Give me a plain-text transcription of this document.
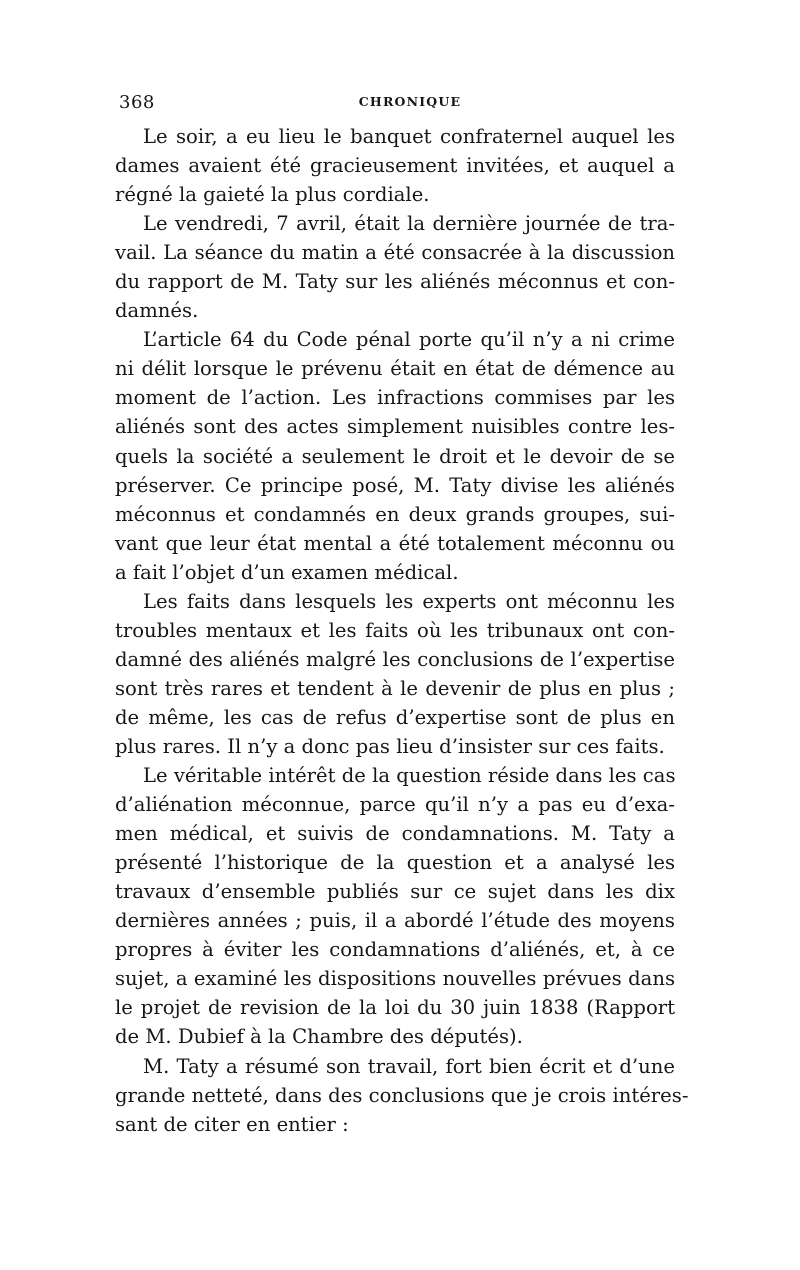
368	CHRONIQUE

Le soir, a eu lieu le banquet confraternel auquel les
dames avaient été gracieusement invitées, et auquel a
régné la gaieté la plus cordiale.

Le vendredi, 7 avril, était la dernière journée de tra-
vail. La séance du matin a été consacrée à la discussion
du rapport de M. Taty sur les aliénés méconnus et con-
damnés.

L’article 64 du Code pénal porte qu’il n’y a ni crime
ni délit lorsque le prévenu était en état de démence au
moment de l’action. Les infractions commises par les
aliénés sont des actes simplement nuisibles contre les-
quels la société a seulement le droit et le devoir de se
préserver. Ce principe posé, M. Taty divise les aliénés
méconnus et condamnés en deux grands groupes, sui-
vant que leur état mental a été totalement méconnu ou
a fait l’objet d’un examen médical.

Les faits dans lesquels les experts ont méconnu les
troubles mentaux et les faits où les tribunaux ont con-
damné des aliénés malgré les conclusions de l’expertise
sont très rares et tendent à le devenir de plus en plus ;
de même, les cas de refus d’expertise sont de plus en
plus rares. Il n’y a donc pas lieu d’insister sur ces faits.

Le véritable intérêt de la question réside dans les cas
d’aliénation méconnue, parce qu’il n’y a pas eu d’exa-
men médical, et suivis de condamnations. M. Taty a
présenté l’historique de la question et a analysé les
travaux d’ensemble publiés sur ce sujet dans les dix
dernières années ; puis, il a abordé l’étude des moyens
propres à éviter les condamnations d’aliénés, et, à ce
sujet, a examiné les dispositions nouvelles prévues dans
le projet de revision de la loi du 30 juin 1838 (Rapport
de M. Dubief à la Chambre des députés).

M. Taty a résumé son travail, fort bien écrit et d’une
grande netteté, dans des conclusions que je crois intéres-
sant de citer en entier :
